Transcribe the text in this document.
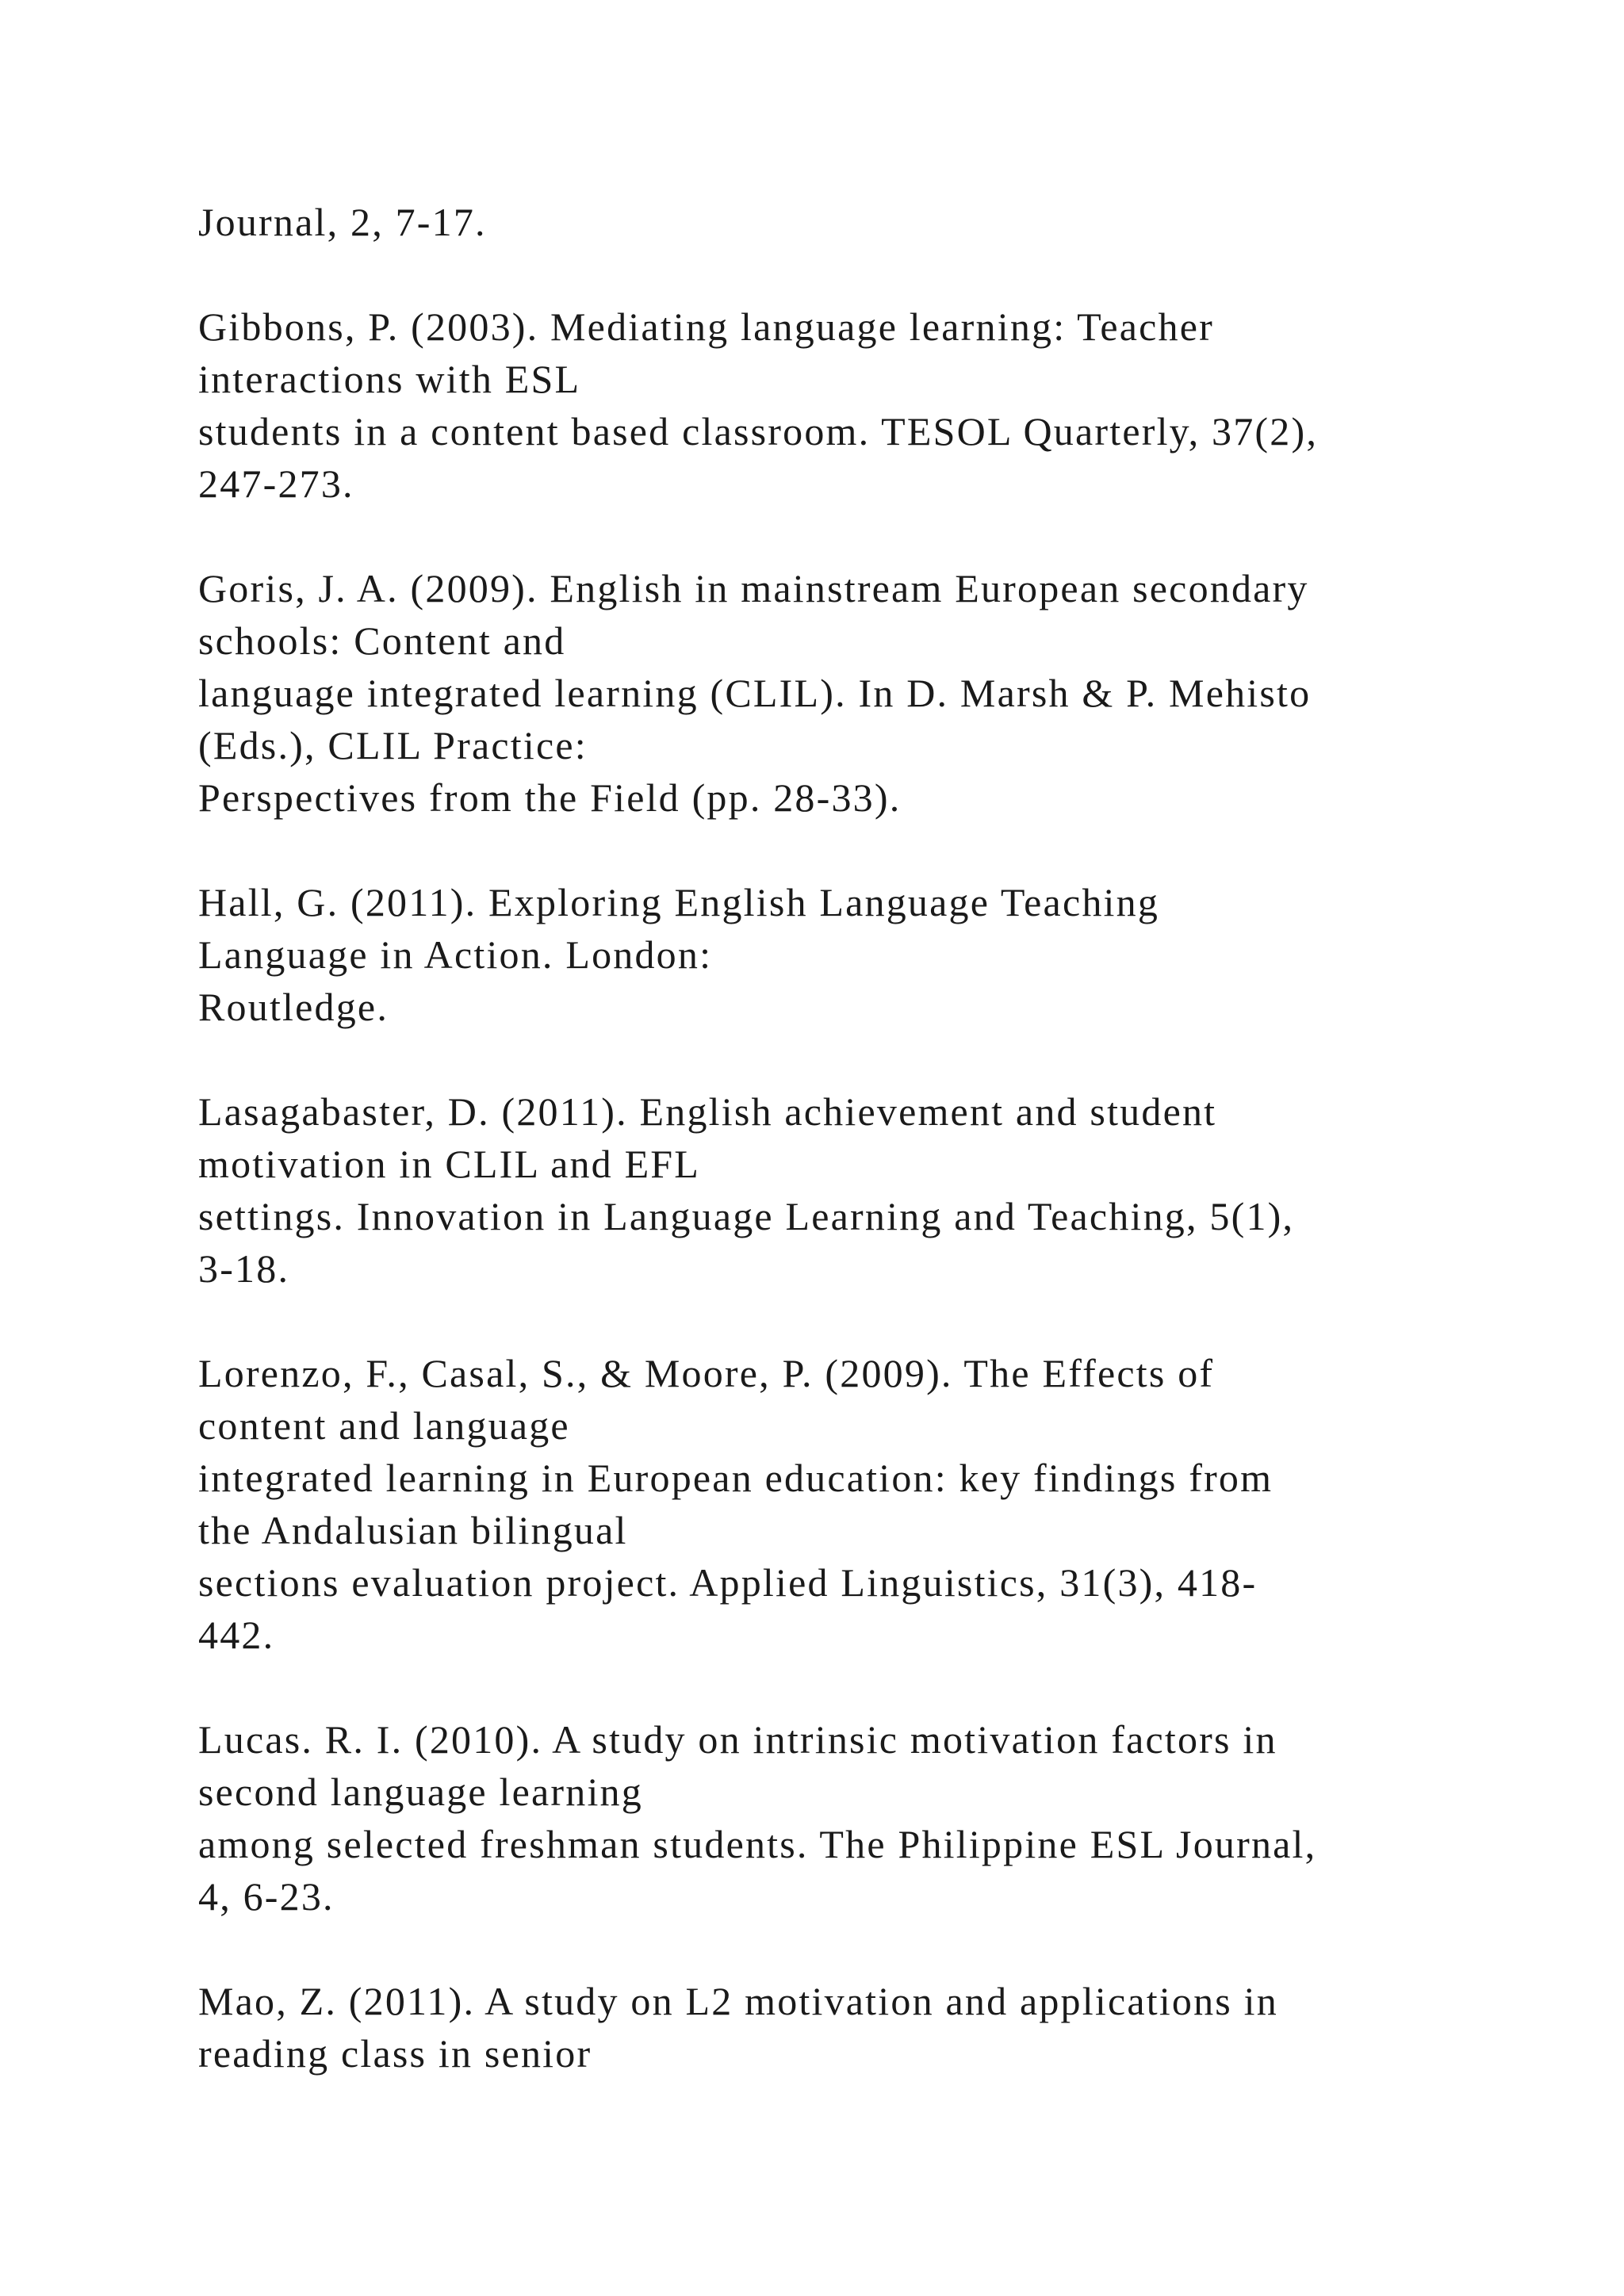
Journal, 2, 7-17.
Gibbons, P. (2003). Mediating language learning: Teacher
interactions with ESL
students in a content based classroom. TESOL Quarterly, 37(2),
247-273.
Goris, J. A. (2009). English in mainstream European secondary
schools: Content and
language integrated learning (CLIL). In D. Marsh & P. Mehisto
(Eds.), CLIL Practice:
Perspectives from the Field (pp. 28-33).
Hall, G. (2011). Exploring English Language Teaching
Language in Action. London:
Routledge.
Lasagabaster, D. (2011). English achievement and student
motivation in CLIL and EFL
settings. Innovation in Language Learning and Teaching, 5(1),
3-18.
Lorenzo, F., Casal, S., & Moore, P. (2009). The Effects of
content and language
integrated learning in European education: key findings from
the Andalusian bilingual
sections evaluation project. Applied Linguistics, 31(3), 418-
442.
Lucas. R. I. (2010). A study on intrinsic motivation factors in
second language learning
among selected freshman students. The Philippine ESL Journal,
4, 6-23.
Mao, Z. (2011). A study on L2 motivation and applications in
reading class in senior
